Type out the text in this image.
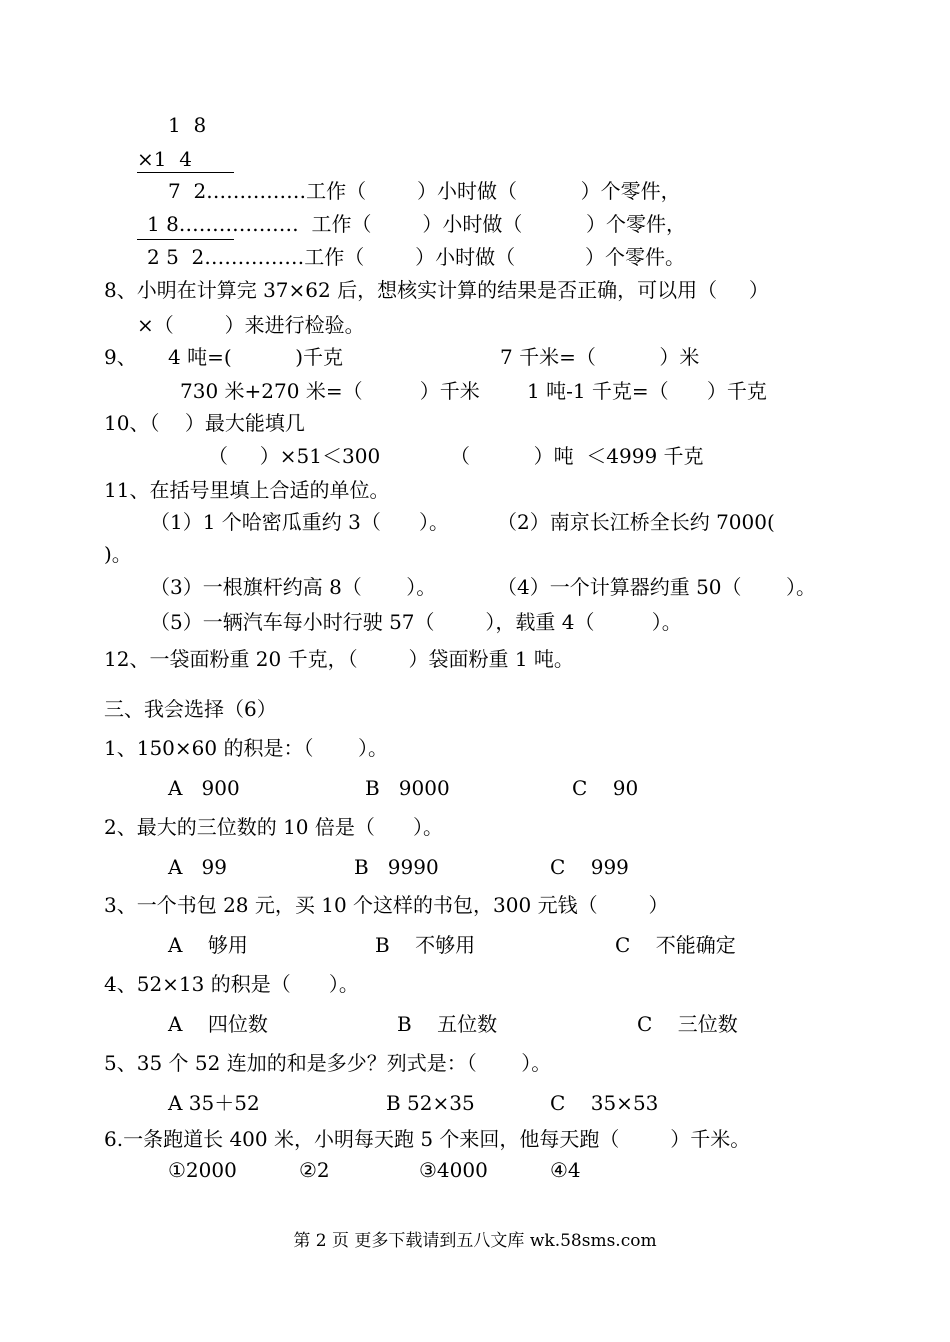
1  8
×1  4
7  2……………工作（        ）小时做（          ）个零件，
1 8………………  工作（        ）小时做（          ）个零件，
2 5  2……………工作（        ）小时做（           ）个零件。
8、小明在计算完 37×62 后，想核实计算的结果是否正确，可以用（     ）
×（        ）来进行检验。
9、 4 吨=(          )千克	7 千米=（          ）米
730 米+270 米=（         ）千米 1 吨-1 千克=（      ）千克
10、（    ）最大能填几
（     ）×51＜300	（          ）吨  ＜4999 千克
11、在括号里填上合适的单位。
（1）1 个哈密瓜重约 3（      ）。 （2）南京长江桥全长约 7000(
)。
（3）一根旗杆约高 8（       ）。	（4）一个计算器约重 50（       ）。
（5）一辆汽车每小时行驶 57（        ），载重 4（         ）。
12、一袋面粉重 20 千克，（        ）袋面粉重 1 吨。
三、我会选择（6）
1、150×60 的积是：（       ）。
A   900	B   9000	C    90
2、最大的三位数的 10 倍是（      ）。
A   99	B   9990	C    999
3、一个书包 28 元，买 10 个这样的书包，300 元钱（        ）
A    够用	B    不够用	C    不能确定
4、52×13 的积是（      ）。
A    四位数	B    五位数	C    三位数
5、35 个 52 连加的和是多少？列式是：（       ）。
A 35＋52	B 52×35	C    35×53
6.一条跑道长 400 米，小明每天跑 5 个来回，他每天跑（        ）千米。
①2000	②2	③4000	④4
第 2 页 更多下载请到五八文库 wk.58sms.com
